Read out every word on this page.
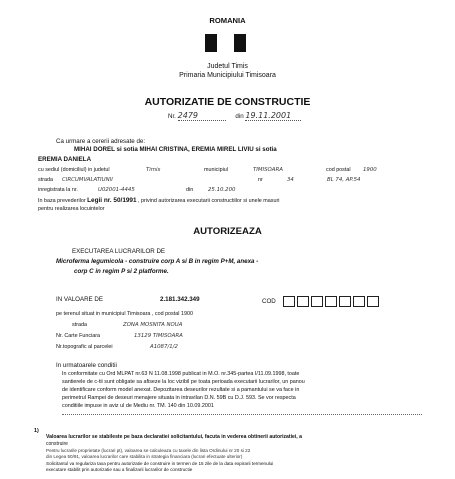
ROMANIA
Judetul Timis
Primaria Municipiului Timisoara
AUTORIZATIE DE CONSTRUCTIE
Nr. 2479	din 19.11.2001
Ca urmare a cererii adresate de:
MIHAI DOREL si sotia MIHAI CRISTINA, EREMIA MIREL LIVIU si sotia
EREMIA DANIELA
cu sediul (domiciliul) in judetul	Timis	municipiul	TIMISOARA	cod postal 1900
strada CIRCUMVALATIUNII	nr	34	BL 74, AP.54
inregistrata la nr.	U02001-4445	din	25.10.200
In baza prevederilor Legii nr. 50/1991 , privind autorizarea executarii constructiilor si unele masuri
pentru realizarea locuintelor
AUTORIZEAZA
EXECUTAREA LUCRARILOR DE
Microferma legumicola - construire corp A si B in regim P+M, anexa -
corp C in regim P si 2 platforme.
IN VALOARE DE	2.181.342.349	COD
pe terenul situat in municipiul Timisoara , cod postal 1900
strada	ZONA MOSNITA NOUA
Nr. Carte Funciara	13129 TIMISOARA
Nr.topografic al parcelei	A1087/1/2
In urmatoarele conditii
In conformitate cu Ord MLPAT nr.63 N 11.08.1998 publicat in M.O. nr.345-partea I/11.09.1998, toate
santierele de c-tii sunt obligate sa afiseze la loc vizibil pe toata perioada executarii lucrarilor, un panou
de identificare conform model anexat. Depozitarea deseurilor rezultate si a pamantului se va face in
perimetrul Rampei de deseuri menajere situata in intravilan D.N. 59B cu D.J. 593. Se vor respecta
conditiile impuse in aviz ul de Mediu nr. TM. 140 din 10.09.2001
1)
Valoarea lucrarilor se stabileste pe baza declaratiei solicitantului, facuta in vederea obtinerii autorizatiei, a
construire
Pentru lucrarile proprietate (lucrari pt), valoarea se calculeaza cu taxele din lista Ordinului nr 20 si 22
din Legea 50/91, valoarea lucrarilor care stabilita in strategia financiara (lucrari efectuate ulterior)
Solicitantul va regulariza taxa pentru autorizatie de construire in termen de 15 zile de la data expirarii termenului
executare stabilit prin autorizatie sau a finalizarii lucrarilor de constructie
